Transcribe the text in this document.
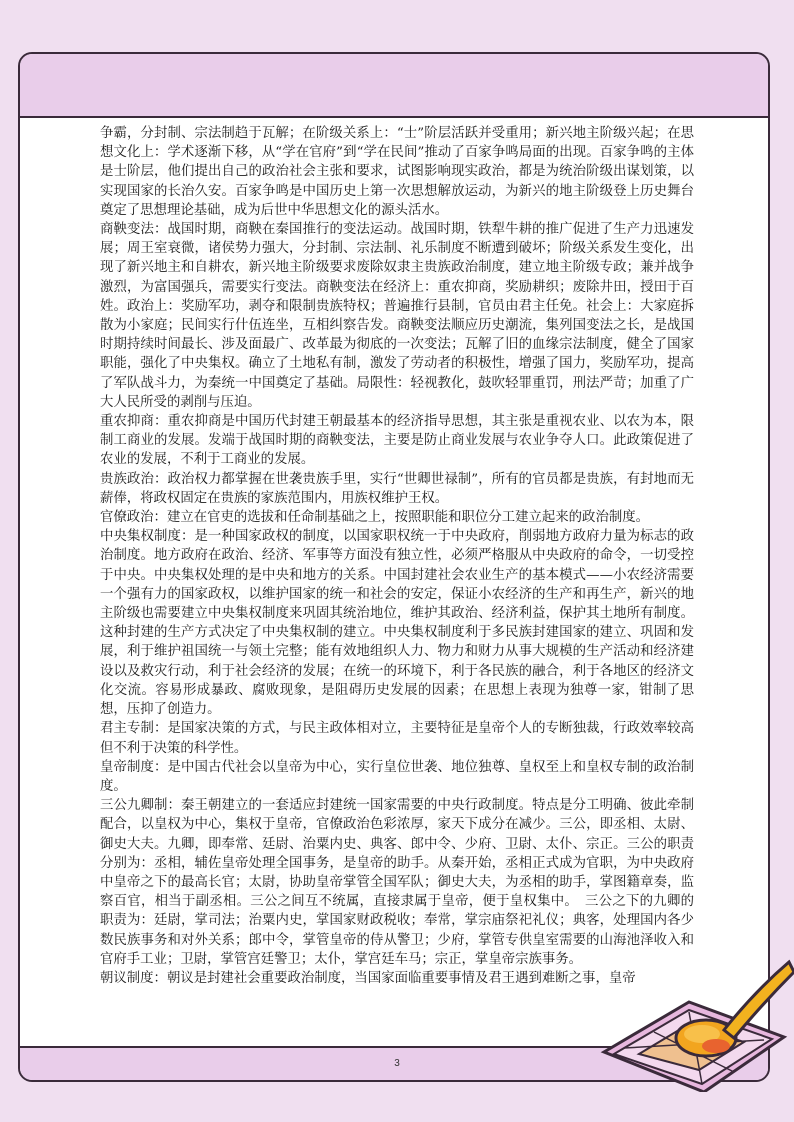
争霸，分封制、宗法制趋于瓦解；在阶级关系上：“士”阶层活跃并受重用；新兴地主阶级兴起；在思想文化上：学术逐渐下移，从“学在官府”到“学在民间”推动了百家争鸣局面的出现。百家争鸣的主体是士阶层，他们提出自己的政治社会主张和要求，试图影响现实政治，都是为统治阶级出谋划策，以实现国家的长治久安。百家争鸣是中国历史上第一次思想解放运动，为新兴的地主阶级登上历史舞台奠定了思想理论基础，成为后世中华思想文化的源头活水。

商鞅变法：战国时期，商鞅在秦国推行的变法运动。战国时期，铁犁牛耕的推广促进了生产力迅速发展；周王室衰微，诸侯势力强大，分封制、宗法制、礼乐制度不断遭到破坏；阶级关系发生变化，出现了新兴地主和自耕农，新兴地主阶级要求废除奴隶主贵族政治制度，建立地主阶级专政；兼并战争激烈，为富国强兵，需要实行变法。商鞅变法在经济上：重农抑商，奖励耕织；废除井田，授田于百姓。政治上：奖励军功，剥夺和限制贵族特权；普遍推行县制，官员由君主任免。社会上：大家庭拆散为小家庭；民间实行什伍连坐，互相纠察告发。商鞅变法顺应历史潮流，集列国变法之长，是战国时期持续时间最长、涉及面最广、改革最为彻底的一次变法；瓦解了旧的血缘宗法制度，健全了国家职能，强化了中央集权。确立了土地私有制，激发了劳动者的积极性，增强了国力，奖励军功，提高了军队战斗力，为秦统一中国奠定了基础。局限性：轻视教化，鼓吹轻罪重罚，刑法严苛；加重了广大人民所受的剥削与压迫。

重农抑商：重农抑商是中国历代封建王朝最基本的经济指导思想，其主张是重视农业、以农为本，限制工商业的发展。发端于战国时期的商鞅变法，主要是防止商业发展与农业争夺人口。此政策促进了农业的发展，不利于工商业的发展。

贵族政治：政治权力都掌握在世袭贵族手里，实行“世卿世禄制”，所有的官员都是贵族，有封地而无薪俸，将政权固定在贵族的家族范围内，用族权维护王权。

官僚政治：建立在官吏的选拔和任命制基础之上，按照职能和职位分工建立起来的政治制度。

中央集权制度：是一种国家政权的制度，以国家职权统一于中央政府，削弱地方政府力量为标志的政治制度。地方政府在政治、经济、军事等方面没有独立性，必须严格服从中央政府的命令，一切受控于中央。中央集权处理的是中央和地方的关系。中国封建社会农业生产的基本模式——小农经济需要一个强有力的国家政权，以维护国家的统一和社会的安定，保证小农经济的生产和再生产，新兴的地主阶级也需要建立中央集权制度来巩固其统治地位，维护其政治、经济利益，保护其土地所有制度。这种封建的生产方式决定了中央集权制的建立。中央集权制度利于多民族封建国家的建立、巩固和发展，利于维护祖国统一与领土完整；能有效地组织人力、物力和财力从事大规模的生产活动和经济建设以及救灾行动，利于社会经济的发展；在统一的环境下，利于各民族的融合，利于各地区的经济文化交流。容易形成暴政、腐败现象，是阻碍历史发展的因素；在思想上表现为独尊一家，钳制了思想，压抑了创造力。

君主专制：是国家决策的方式，与民主政体相对立，主要特征是皇帝个人的专断独裁，行政效率较高但不利于决策的科学性。

皇帝制度：是中国古代社会以皇帝为中心，实行皇位世袭、地位独尊、皇权至上和皇权专制的政治制度。

三公九卿制：秦王朝建立的一套适应封建统一国家需要的中央行政制度。特点是分工明确、彼此牵制配合，以皇权为中心，集权于皇帝，官僚政治色彩浓厚，家天下成分在减少。三公，即丞相、太尉、御史大夫。九卿，即奉常、廷尉、治粟内史、典客、郎中令、少府、卫尉、太仆、宗正。三公的职责分别为：丞相，辅佐皇帝处理全国事务，是皇帝的助手。从秦开始，丞相正式成为官职，为中央政府中皇帝之下的最高长官；太尉，协助皇帝掌管全国军队；御史大夫，为丞相的助手，掌图籍章奏，监察百官，相当于副丞相。三公之间互不统属，直接隶属于皇帝，便于皇权集中。　三公之下的九卿的职责为：廷尉，掌司法；治粟内史，掌国家财政税收；奉常，掌宗庙祭祀礼仪；典客，处理国内各少数民族事务和对外关系；郎中令，掌管皇帝的侍从警卫；少府，掌管专供皇室需要的山海池泽收入和官府手工业；卫尉，掌管宫廷警卫；太仆，掌宫廷车马；宗正，掌皇帝宗族事务。

朝议制度：朝议是封建社会重要政治制度，当国家面临重要事情及君王遇到难断之事，皇帝

3
